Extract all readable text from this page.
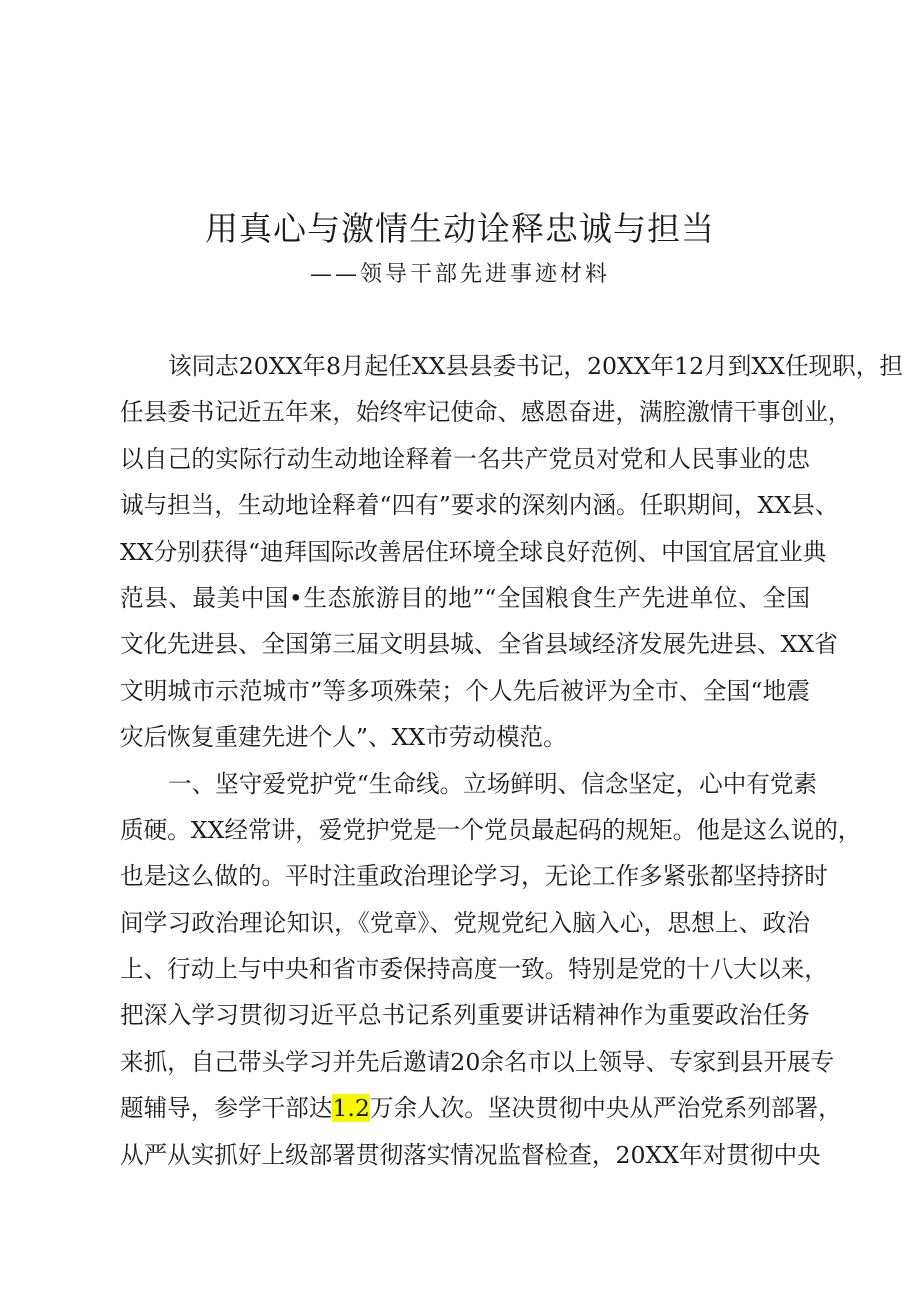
用真心与激情生动诠释忠诚与担当
——领导干部先进事迹材料
该同志20XX年8月起任XX县县委书记，20XX年12月到XX任现职，担
任县委书记近五年来，始终牢记使命、感恩奋进，满腔激情干事创业，
以自己的实际行动生动地诠释着一名共产党员对党和人民事业的忠
诚与担当，生动地诠释着“四有”要求的深刻内涵。任职期间，XX县、
XX分别获得“迪拜国际改善居住环境全球良好范例、中国宜居宜业典
范县、最美中国•生态旅游目的地”“全国粮食生产先进单位、全国
文化先进县、全国第三届文明县城、全省县域经济发展先进县、XX省
文明城市示范城市”等多项殊荣；个人先后被评为全市、全国“地震
灾后恢复重建先进个人”、XX市劳动模范。
一、坚守爱党护党“生命线。立场鲜明、信念坚定，心中有党素
质硬。XX经常讲，爱党护党是一个党员最起码的规矩。他是这么说的，
也是这么做的。平时注重政治理论学习，无论工作多紧张都坚持挤时
间学习政治理论知识，《党章》、党规党纪入脑入心，思想上、政治
上、行动上与中央和省市委保持高度一致。特别是党的十八大以来，
把深入学习贯彻习近平总书记系列重要讲话精神作为重要政治任务
来抓，自己带头学习并先后邀请20余名市以上领导、专家到县开展专
题辅导，参学干部达1.2万余人次。坚决贯彻中央从严治党系列部署，
从严从实抓好上级部署贯彻落实情况监督检查，20XX年对贯彻中央
